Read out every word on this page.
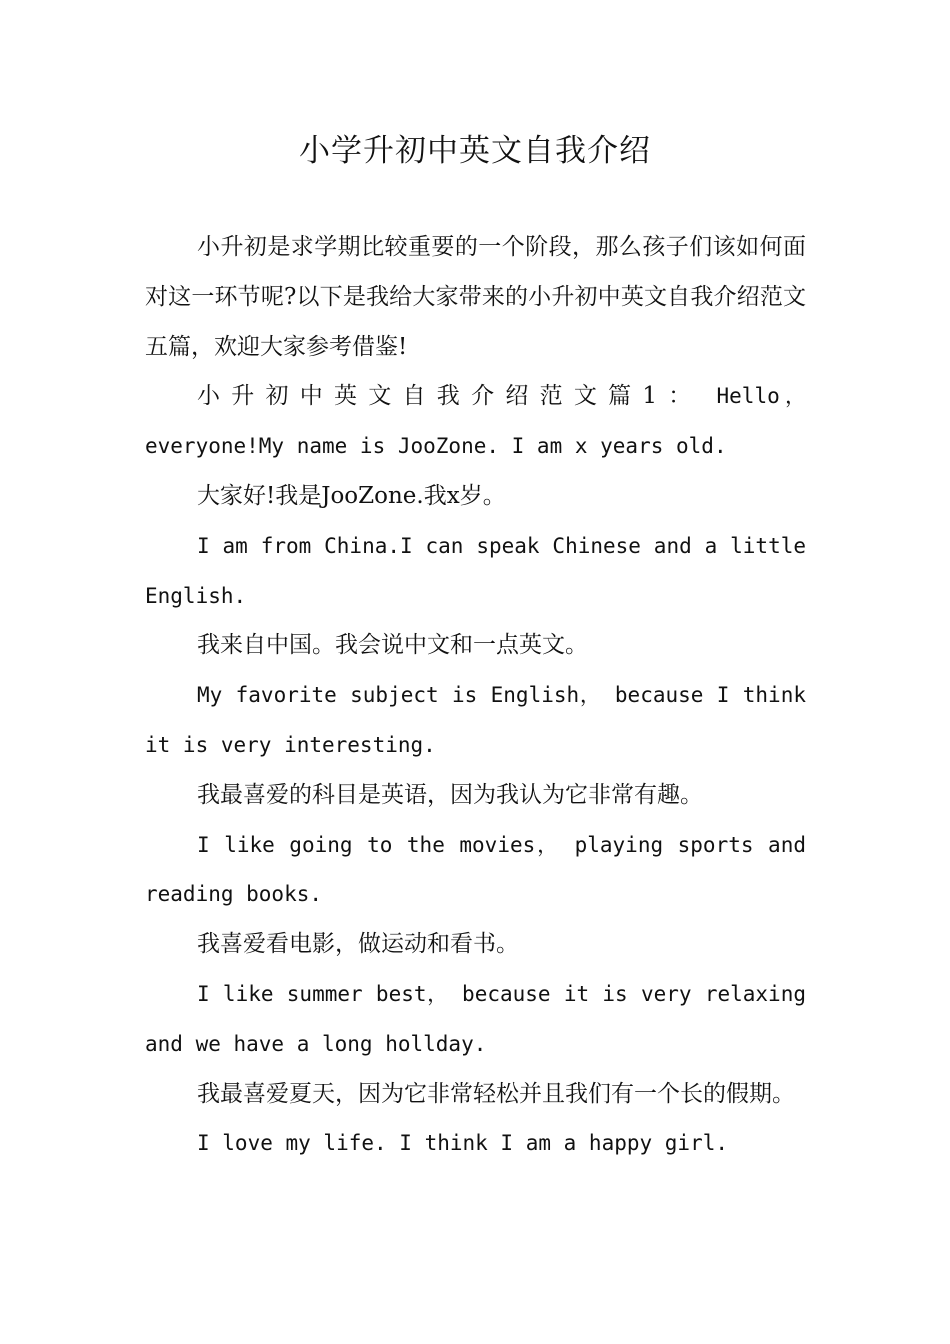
小学升初中英文自我介绍

小升初是求学期比较重要的一个阶段，那么孩子们该如何面对这一环节呢?以下是我给大家带来的小升初中英文自我介绍范文五篇，欢迎大家参考借鉴!

小升初中英文自我介绍范文篇1： Hello，everyone!My name is JooZone. I am x years old.

大家好!我是JooZone.我x岁。

I am from China.I can speak Chinese and a little English.

我来自中国。我会说中文和一点英文。

My favorite subject is English， because I think it is very interesting.

我最喜爱的科目是英语，因为我认为它非常有趣。

I like going to the movies， playing sports and reading books.

我喜爱看电影，做运动和看书。

I like summer best， because it is very relaxing and we have a long hollday.

我最喜爱夏天，因为它非常轻松并且我们有一个长的假期。

I love my life. I think I am a happy girl.
